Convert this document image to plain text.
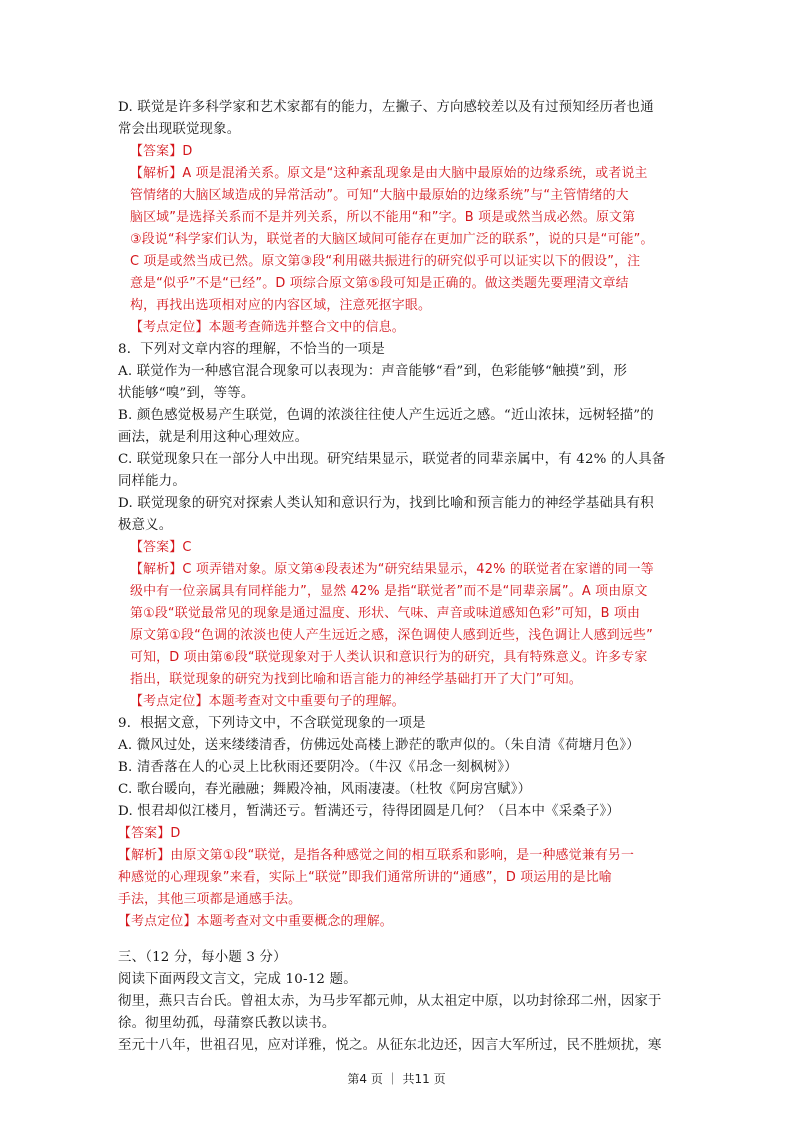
D. 联觉是许多科学家和艺术家都有的能力，左撇子、方向感较差以及有过预知经历者也通
常会出现联觉现象。
【答案】D
【解析】A 项是混淆关系。原文是“这种紊乱现象是由大脑中最原始的边缘系统，或者说主
管情绪的大脑区域造成的异常活动”。可知“大脑中最原始的边缘系统”与“主管情绪的大
脑区域”是选择关系而不是并列关系，所以不能用“和”字。B 项是或然当成必然。原文第
③段说“科学家们认为，联觉者的大脑区域间可能存在更加广泛的联系”，说的只是“可能”。
C 项是或然当成已然。原文第③段“利用磁共振进行的研究似乎可以证实以下的假设”，注
意是“似乎”不是“已经”。D 项综合原文第⑤段可知是正确的。做这类题先要理清文章结
构，再找出选项相对应的内容区域，注意死抠字眼。
【考点定位】本题考查筛选并整合文中的信息。
8．下列对文章内容的理解，不恰当的一项是
A. 联觉作为一种感官混合现象可以表现为：声音能够“看”到，色彩能够“触摸”到，形
状能够“嗅”到，等等。
B. 颜色感觉极易产生联觉，色调的浓淡往往使人产生远近之感。“近山浓抹，远树轻描”的
画法，就是利用这种心理效应。
C. 联觉现象只在一部分人中出现。研究结果显示，联觉者的同辈亲属中，有 42% 的人具备
同样能力。
D. 联觉现象的研究对探索人类认知和意识行为，找到比喻和预言能力的神经学基础具有积
极意义。
【答案】C
【解析】C 项弄错对象。原文第④段表述为“研究结果显示，42% 的联觉者在家谱的同一等
级中有一位亲属具有同样能力”，显然 42% 是指“联觉者”而不是“同辈亲属”。A 项由原文
第①段“联觉最常见的现象是通过温度、形状、气味、声音或味道感知色彩”可知，B 项由
原文第①段“色调的浓淡也使人产生远近之感，深色调使人感到近些，浅色调让人感到远些”
可知，D 项由第⑥段“联觉现象对于人类认识和意识行为的研究，具有特殊意义。许多专家
指出，联觉现象的研究为找到比喻和语言能力的神经学基础打开了大门”可知。
【考点定位】本题考查对文中重要句子的理解。
9．根据文意，下列诗文中，不含联觉现象的一项是
A. 微风过处，送来缕缕清香，仿佛远处高楼上渺茫的歌声似的。（朱自清《荷塘月色》）
B. 清香落在人的心灵上比秋雨还要阴冷。（牛汉《吊念一刻枫树》）
C. 歌台暖向，春光融融；舞殿冷袖，风雨凄凄。（杜牧《阿房宫赋》）
D. 恨君却似江楼月，暂满还亏。暂满还亏，待得团圆是几何？（吕本中《采桑子》）
【答案】D
【解析】由原文第①段“联觉，是指各种感觉之间的相互联系和影响，是一种感觉兼有另一
种感觉的心理现象”来看，实际上“联觉”即我们通常所讲的“通感”，D 项运用的是比喻
手法，其他三项都是通感手法。
【考点定位】本题考查对文中重要概念的理解。
三、（12 分，每小题 3 分）
阅读下面两段文言文，完成 10-12 题。
彻里，燕只吉台氏。曾祖太赤，为马步军都元帅，从太祖定中原，以功封徐邳二州，因家于
徐。彻里幼孤，母蒲察氏教以读书。
至元十八年，世祖召见，应对详雅，悦之。从征东北边还，因言大军所过，民不胜烦扰，寒
第4 页 ｜ 共11 页
